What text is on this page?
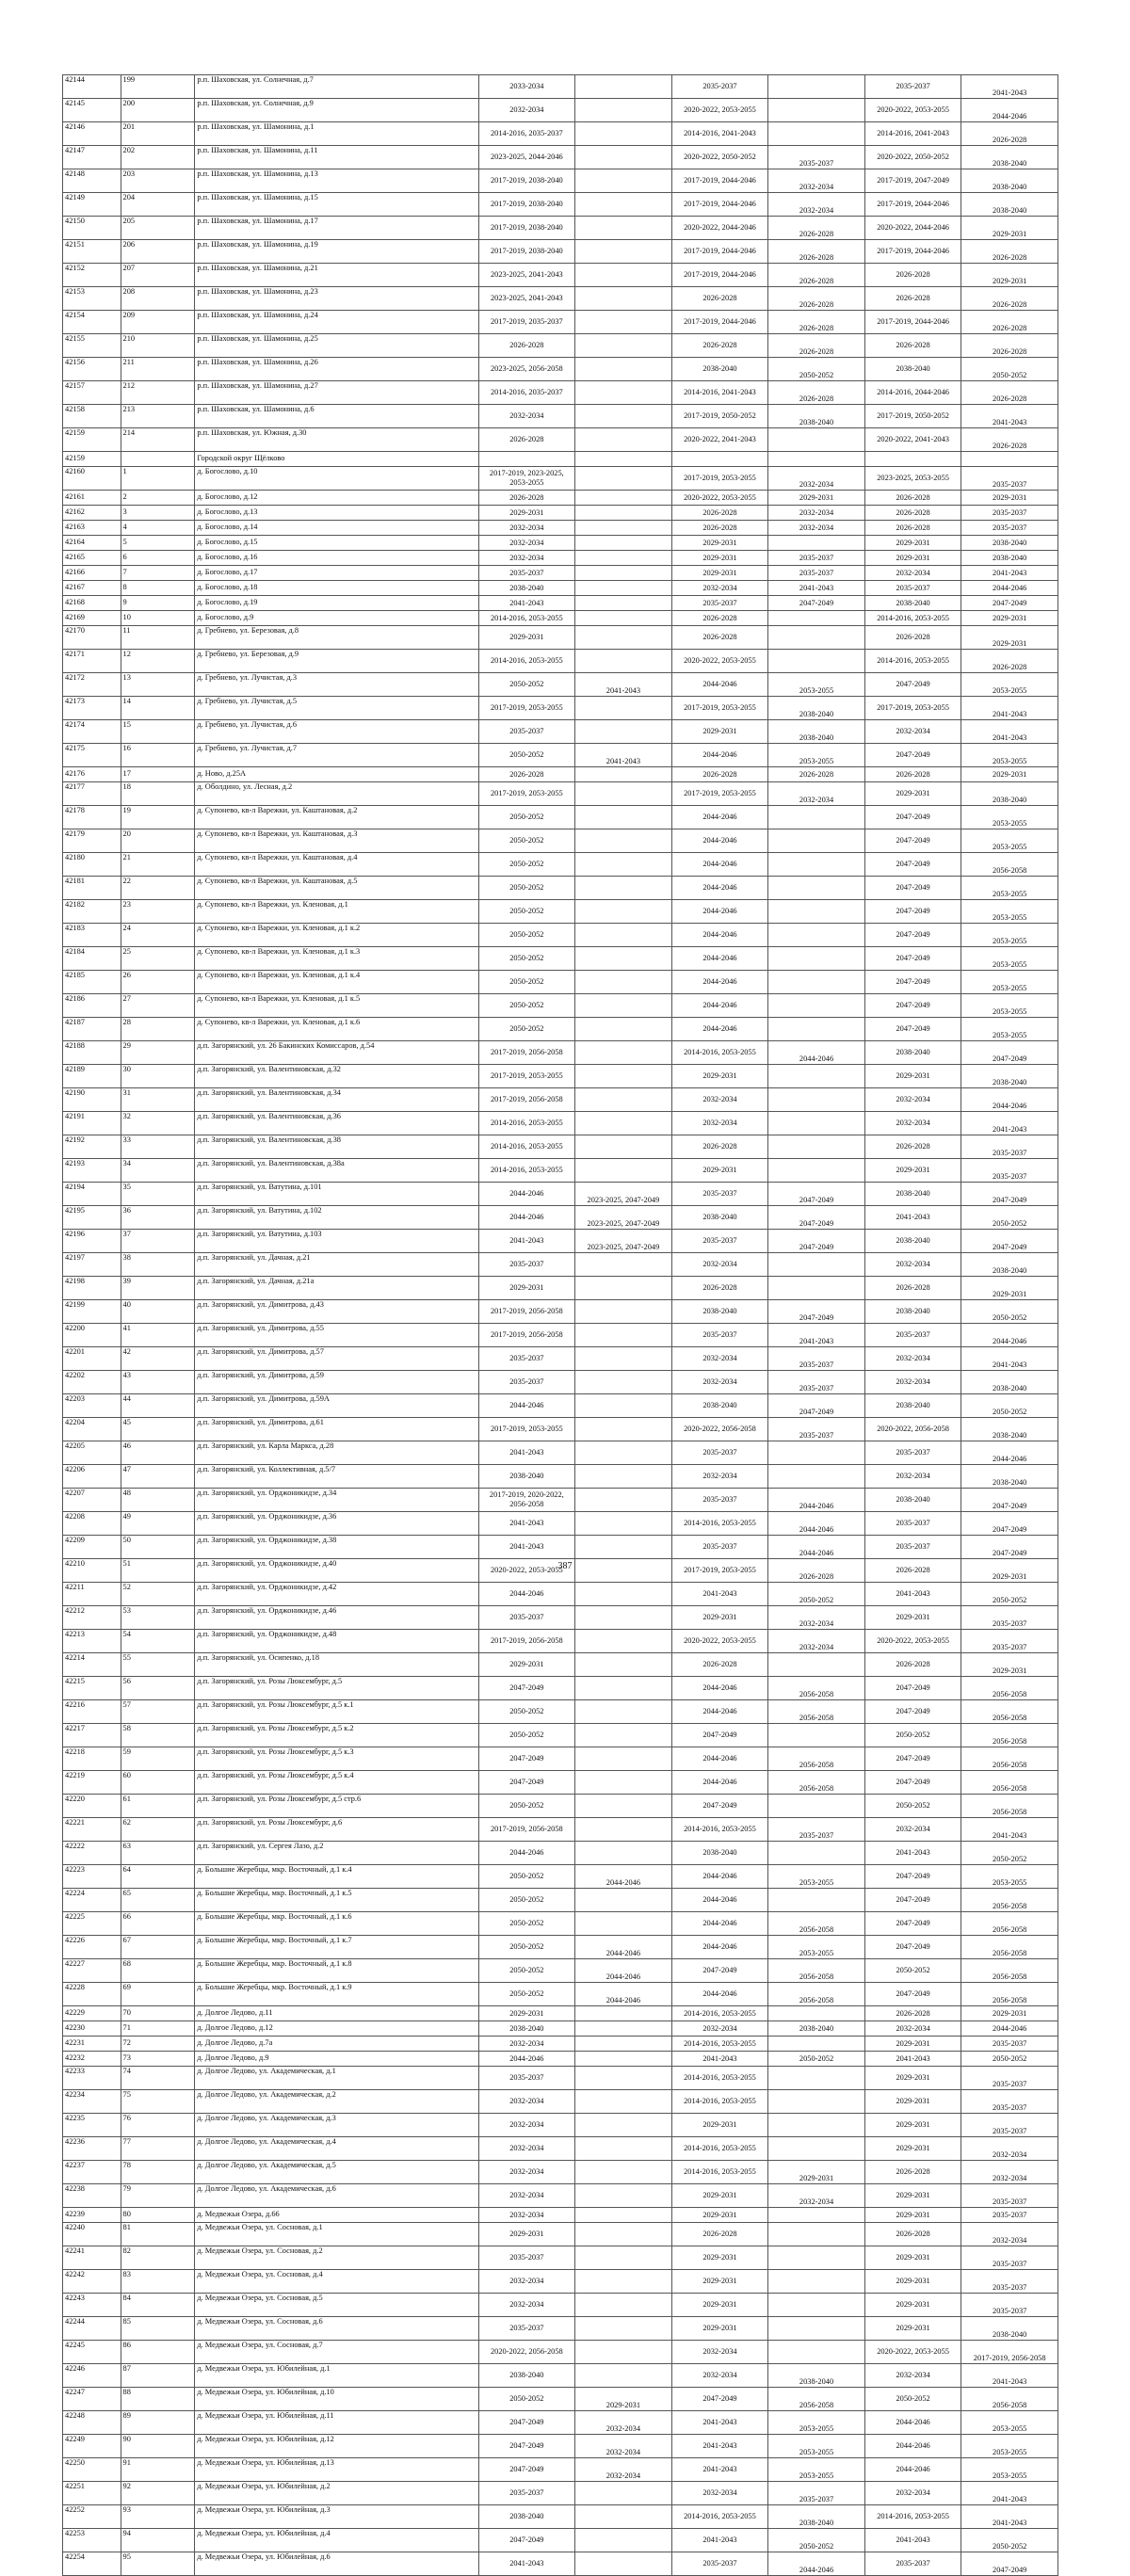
42144	199	р.п. Шаховская, ул. Солнечная, д.7	2033-2034		2035-2037		2035-2037	2041-2043
42145	200	р.п. Шаховская, ул. Солнечная, д.9	2032-2034		2020-2022, 2053-2055		2020-2022, 2053-2055	2044-2046
42146	201	р.п. Шаховская, ул. Шамонина, д.1	2014-2016, 2035-2037		2014-2016, 2041-2043		2014-2016, 2041-2043	2026-2028
42147	202	р.п. Шаховская, ул. Шамонина, д.11	2023-2025, 2044-2046		2020-2022, 2050-2052	2035-2037	2020-2022, 2050-2052	2038-2040
42148	203	р.п. Шаховская, ул. Шамонина, д.13	2017-2019, 2038-2040		2017-2019, 2044-2046	2032-2034	2017-2019, 2047-2049	2038-2040
42149	204	р.п. Шаховская, ул. Шамонина, д.15	2017-2019, 2038-2040		2017-2019, 2044-2046	2032-2034	2017-2019, 2044-2046	2038-2040
42150	205	р.п. Шаховская, ул. Шамонина, д.17	2017-2019, 2038-2040		2020-2022, 2044-2046	2026-2028	2020-2022, 2044-2046	2029-2031
42151	206	р.п. Шаховская, ул. Шамонина, д.19	2017-2019, 2038-2040		2017-2019, 2044-2046	2026-2028	2017-2019, 2044-2046	2026-2028
42152	207	р.п. Шаховская, ул. Шамонина, д.21	2023-2025, 2041-2043		2017-2019, 2044-2046	2026-2028	2026-2028	2029-2031
42153	208	р.п. Шаховская, ул. Шамонина, д.23	2023-2025, 2041-2043		2026-2028	2026-2028	2026-2028	2026-2028
42154	209	р.п. Шаховская, ул. Шамонина, д.24	2017-2019, 2035-2037		2017-2019, 2044-2046	2026-2028	2017-2019, 2044-2046	2026-2028
42155	210	р.п. Шаховская, ул. Шамонина, д.25	2026-2028		2026-2028	2026-2028	2026-2028	2026-2028
42156	211	р.п. Шаховская, ул. Шамонина, д.26	2023-2025, 2056-2058		2038-2040	2050-2052	2038-2040	2050-2052
42157	212	р.п. Шаховская, ул. Шамонина, д.27	2014-2016, 2035-2037		2014-2016, 2041-2043	2026-2028	2014-2016, 2044-2046	2026-2028
42158	213	р.п. Шаховская, ул. Шамонина, д.6	2032-2034		2017-2019, 2050-2052	2038-2040	2017-2019, 2050-2052	2041-2043
42159	214	р.п. Шаховская, ул. Южная, д.30	2026-2028		2020-2022, 2041-2043		2020-2022, 2041-2043	2026-2028
42159		Городской округ Щёлково						
42160	1	д. Богослово, д.10	2017-2019, 2023-2025, 2053-2055		2017-2019, 2053-2055	2032-2034	2023-2025, 2053-2055	2035-2037
42161	2	д. Богослово, д.12	2026-2028		2020-2022, 2053-2055	2029-2031	2026-2028	2029-2031
42162	3	д. Богослово, д.13	2029-2031		2026-2028	2032-2034	2026-2028	2035-2037
42163	4	д. Богослово, д.14	2032-2034		2026-2028	2032-2034	2026-2028	2035-2037
42164	5	д. Богослово, д.15	2032-2034		2029-2031		2029-2031	2038-2040
42165	6	д. Богослово, д.16	2032-2034		2029-2031	2035-2037	2029-2031	2038-2040
42166	7	д. Богослово, д.17	2035-2037		2029-2031	2035-2037	2032-2034	2041-2043
42167	8	д. Богослово, д.18	2038-2040		2032-2034	2041-2043	2035-2037	2044-2046
42168	9	д. Богослово, д.19	2041-2043		2035-2037	2047-2049	2038-2040	2047-2049
42169	10	д. Богослово, д.9	2014-2016, 2053-2055		2026-2028		2014-2016, 2053-2055	2029-2031
42170	11	д. Гребнево, ул. Березовая, д.8	2029-2031		2026-2028		2026-2028	2029-2031
42171	12	д. Гребнево, ул. Березовая, д.9	2014-2016, 2053-2055		2020-2022, 2053-2055		2014-2016, 2053-2055	2026-2028
42172	13	д. Гребнево, ул. Лучистая, д.3	2050-2052	2041-2043	2044-2046	2053-2055	2047-2049	2053-2055
42173	14	д. Гребнево, ул. Лучистая, д.5	2017-2019, 2053-2055		2017-2019, 2053-2055	2038-2040	2017-2019, 2053-2055	2041-2043
42174	15	д. Гребнево, ул. Лучистая, д.6	2035-2037		2029-2031	2038-2040	2032-2034	2041-2043
42175	16	д. Гребнево, ул. Лучистая, д.7	2050-2052	2041-2043	2044-2046	2053-2055	2047-2049	2053-2055
42176	17	д. Ново, д.25А	2026-2028		2026-2028	2026-2028	2026-2028	2029-2031
42177	18	д. Оболдино, ул. Лесная, д.2	2017-2019, 2053-2055		2017-2019, 2053-2055	2032-2034	2029-2031	2038-2040
42178	19	д. Супонево, кв-л Варежки, ул. Каштановая, д.2	2050-2052		2044-2046		2047-2049	2053-2055
42179	20	д. Супонево, кв-л Варежки, ул. Каштановая, д.3	2050-2052		2044-2046		2047-2049	2053-2055
42180	21	д. Супонево, кв-л Варежки, ул. Каштановая, д.4	2050-2052		2044-2046		2047-2049	2056-2058
42181	22	д. Супонево, кв-л Варежки, ул. Каштановая, д.5	2050-2052		2044-2046		2047-2049	2053-2055
42182	23	д. Супонево, кв-л Варежки, ул. Кленовая, д.1	2050-2052		2044-2046		2047-2049	2053-2055
42183	24	д. Супонево, кв-л Варежки, ул. Кленовая, д.1 к.2	2050-2052		2044-2046		2047-2049	2053-2055
42184	25	д. Супонево, кв-л Варежки, ул. Кленовая, д.1 к.3	2050-2052		2044-2046		2047-2049	2053-2055
42185	26	д. Супонево, кв-л Варежки, ул. Кленовая, д.1 к.4	2050-2052		2044-2046		2047-2049	2053-2055
42186	27	д. Супонево, кв-л Варежки, ул. Кленовая, д.1 к.5	2050-2052		2044-2046		2047-2049	2053-2055
42187	28	д. Супонево, кв-л Варежки, ул. Кленовая, д.1 к.6	2050-2052		2044-2046		2047-2049	2053-2055
42188	29	д.п. Загорянский, ул. 26 Бакинских Комиссаров, д.54	2017-2019, 2056-2058		2014-2016, 2053-2055	2044-2046	2038-2040	2047-2049
42189	30	д.п. Загорянский, ул. Валентиновская, д.32	2017-2019, 2053-2055		2029-2031		2029-2031	2038-2040
42190	31	д.п. Загорянский, ул. Валентиновская, д.34	2017-2019, 2056-2058		2032-2034		2032-2034	2044-2046
42191	32	д.п. Загорянский, ул. Валентиновская, д.36	2014-2016, 2053-2055		2032-2034		2032-2034	2041-2043
42192	33	д.п. Загорянский, ул. Валентиновская, д.38	2014-2016, 2053-2055		2026-2028		2026-2028	2035-2037
42193	34	д.п. Загорянский, ул. Валентиновская, д.38а	2014-2016, 2053-2055		2029-2031		2029-2031	2035-2037
42194	35	д.п. Загорянский, ул. Ватутина, д.101	2044-2046	2023-2025, 2047-2049	2035-2037	2047-2049	2038-2040	2047-2049
42195	36	д.п. Загорянский, ул. Ватутина, д.102	2044-2046	2023-2025, 2047-2049	2038-2040	2047-2049	2041-2043	2050-2052
42196	37	д.п. Загорянский, ул. Ватутина, д.103	2041-2043	2023-2025, 2047-2049	2035-2037	2047-2049	2038-2040	2047-2049
42197	38	д.п. Загорянский, ул. Дачная, д.21	2035-2037		2032-2034		2032-2034	2038-2040
42198	39	д.п. Загорянский, ул. Дачная, д.21а	2029-2031		2026-2028		2026-2028	2029-2031
42199	40	д.п. Загорянский, ул. Димитрова, д.43	2017-2019, 2056-2058		2038-2040	2047-2049	2038-2040	2050-2052
42200	41	д.п. Загорянский, ул. Димитрова, д.55	2017-2019, 2056-2058		2035-2037	2041-2043	2035-2037	2044-2046
42201	42	д.п. Загорянский, ул. Димитрова, д.57	2035-2037		2032-2034	2035-2037	2032-2034	2041-2043
42202	43	д.п. Загорянский, ул. Димитрова, д.59	2035-2037		2032-2034	2035-2037	2032-2034	2038-2040
42203	44	д.п. Загорянский, ул. Димитрова, д.59А	2044-2046		2038-2040	2047-2049	2038-2040	2050-2052
42204	45	д.п. Загорянский, ул. Димитрова, д.61	2017-2019, 2053-2055		2020-2022, 2056-2058	2035-2037	2020-2022, 2056-2058	2038-2040
42205	46	д.п. Загорянский, ул. Карла Маркса, д.28	2041-2043		2035-2037		2035-2037	2044-2046
42206	47	д.п. Загорянский, ул. Коллективная, д.5/7	2038-2040		2032-2034		2032-2034	2038-2040
42207	48	д.п. Загорянский, ул. Орджоникидзе, д.34	2017-2019, 2020-2022, 2056-2058		2035-2037	2044-2046	2038-2040	2047-2049
42208	49	д.п. Загорянский, ул. Орджоникидзе, д.36	2041-2043		2014-2016, 2053-2055	2044-2046	2035-2037	2047-2049
42209	50	д.п. Загорянский, ул. Орджоникидзе, д.38	2041-2043		2035-2037	2044-2046	2035-2037	2047-2049
42210	51	д.п. Загорянский, ул. Орджоникидзе, д.40	2020-2022, 2053-2055		2017-2019, 2053-2055	2026-2028	2026-2028	2029-2031
42211	52	д.п. Загорянский, ул. Орджоникидзе, д.42	2044-2046		2041-2043	2050-2052	2041-2043	2050-2052
42212	53	д.п. Загорянский, ул. Орджоникидзе, д.46	2035-2037		2029-2031	2032-2034	2029-2031	2035-2037
42213	54	д.п. Загорянский, ул. Орджоникидзе, д.48	2017-2019, 2056-2058		2020-2022, 2053-2055	2032-2034	2020-2022, 2053-2055	2035-2037
42214	55	д.п. Загорянский, ул. Осипенко, д.18	2029-2031		2026-2028		2026-2028	2029-2031
42215	56	д.п. Загорянский, ул. Розы Люксембург, д.5	2047-2049		2044-2046	2056-2058	2047-2049	2056-2058
42216	57	д.п. Загорянский, ул. Розы Люксембург, д.5 к.1	2050-2052		2044-2046	2056-2058	2047-2049	2056-2058
42217	58	д.п. Загорянский, ул. Розы Люксембург, д.5 к.2	2050-2052		2047-2049		2050-2052	2056-2058
42218	59	д.п. Загорянский, ул. Розы Люксембург, д.5 к.3	2047-2049		2044-2046	2056-2058	2047-2049	2056-2058
42219	60	д.п. Загорянский, ул. Розы Люксембург, д.5 к.4	2047-2049		2044-2046	2056-2058	2047-2049	2056-2058
42220	61	д.п. Загорянский, ул. Розы Люксембург, д.5 стр.6	2050-2052		2047-2049		2050-2052	2056-2058
42221	62	д.п. Загорянский, ул. Розы Люксембург, д.6	2017-2019, 2056-2058		2014-2016, 2053-2055	2035-2037	2032-2034	2041-2043
42222	63	д.п. Загорянский, ул. Сергея Лазо, д.2	2044-2046		2038-2040		2041-2043	2050-2052
42223	64	д. Большие Жеребцы, мкр. Восточный, д.1 к.4	2050-2052	2044-2046	2044-2046	2053-2055	2047-2049	2053-2055
42224	65	д. Большие Жеребцы, мкр. Восточный, д.1 к.5	2050-2052		2044-2046		2047-2049	2056-2058
42225	66	д. Большие Жеребцы, мкр. Восточный, д.1 к.6	2050-2052		2044-2046	2056-2058	2047-2049	2056-2058
42226	67	д. Большие Жеребцы, мкр. Восточный, д.1 к.7	2050-2052	2044-2046	2044-2046	2053-2055	2047-2049	2056-2058
42227	68	д. Большие Жеребцы, мкр. Восточный, д.1 к.8	2050-2052	2044-2046	2047-2049	2056-2058	2050-2052	2056-2058
42228	69	д. Большие Жеребцы, мкр. Восточный, д.1 к.9	2050-2052	2044-2046	2044-2046	2056-2058	2047-2049	2056-2058
42229	70	д. Долгое Ледово, д.11	2029-2031		2014-2016, 2053-2055		2026-2028	2029-2031
42230	71	д. Долгое Ледово, д.12	2038-2040		2032-2034	2038-2040	2032-2034	2044-2046
42231	72	д. Долгое Ледово, д.7а	2032-2034		2014-2016, 2053-2055		2029-2031	2035-2037
42232	73	д. Долгое Ледово, д.9	2044-2046		2041-2043	2050-2052	2041-2043	2050-2052
42233	74	д. Долгое Ледово, ул. Академическая, д.1	2035-2037		2014-2016, 2053-2055		2029-2031	2035-2037
42234	75	д. Долгое Ледово, ул. Академическая, д.2	2032-2034		2014-2016, 2053-2055		2029-2031	2035-2037
42235	76	д. Долгое Ледово, ул. Академическая, д.3	2032-2034		2029-2031		2029-2031	2035-2037
42236	77	д. Долгое Ледово, ул. Академическая, д.4	2032-2034		2014-2016, 2053-2055		2029-2031	2032-2034
42237	78	д. Долгое Ледово, ул. Академическая, д.5	2032-2034		2014-2016, 2053-2055	2029-2031	2026-2028	2032-2034
42238	79	д. Долгое Ледово, ул. Академическая, д.6	2032-2034		2029-2031	2032-2034	2029-2031	2035-2037
42239	80	д. Медвежьи Озера, д.66	2032-2034		2029-2031		2029-2031	2035-2037
42240	81	д. Медвежьи Озера, ул. Сосновая, д.1	2029-2031		2026-2028		2026-2028	2032-2034
42241	82	д. Медвежьи Озера, ул. Сосновая, д.2	2035-2037		2029-2031		2029-2031	2035-2037
42242	83	д. Медвежьи Озера, ул. Сосновая, д.4	2032-2034		2029-2031		2029-2031	2035-2037
42243	84	д. Медвежьи Озера, ул. Сосновая, д.5	2032-2034		2029-2031		2029-2031	2035-2037
42244	85	д. Медвежьи Озера, ул. Сосновая, д.6	2035-2037		2029-2031		2029-2031	2038-2040
42245	86	д. Медвежьи Озера, ул. Сосновая, д.7	2020-2022, 2056-2058		2032-2034		2020-2022, 2053-2055	2017-2019, 2056-2058
42246	87	д. Медвежьи Озера, ул. Юбилейная, д.1	2038-2040		2032-2034	2038-2040	2032-2034	2041-2043
42247	88	д. Медвежьи Озера, ул. Юбилейная, д.10	2050-2052	2029-2031	2047-2049	2056-2058	2050-2052	2056-2058
42248	89	д. Медвежьи Озера, ул. Юбилейная, д.11	2047-2049	2032-2034	2041-2043	2053-2055	2044-2046	2053-2055
42249	90	д. Медвежьи Озера, ул. Юбилейная, д.12	2047-2049	2032-2034	2041-2043	2053-2055	2044-2046	2053-2055
42250	91	д. Медвежьи Озера, ул. Юбилейная, д.13	2047-2049	2032-2034	2041-2043	2053-2055	2044-2046	2053-2055
42251	92	д. Медвежьи Озера, ул. Юбилейная, д.2	2035-2037		2032-2034	2035-2037	2032-2034	2041-2043
42252	93	д. Медвежьи Озера, ул. Юбилейная, д.3	2038-2040		2014-2016, 2053-2055	2038-2040	2014-2016, 2053-2055	2041-2043
42253	94	д. Медвежьи Озера, ул. Юбилейная, д.4	2047-2049		2041-2043	2050-2052	2041-2043	2050-2052
42254	95	д. Медвежьи Озера, ул. Юбилейная, д.6	2041-2043		2035-2037	2044-2046	2035-2037	2047-2049
387
